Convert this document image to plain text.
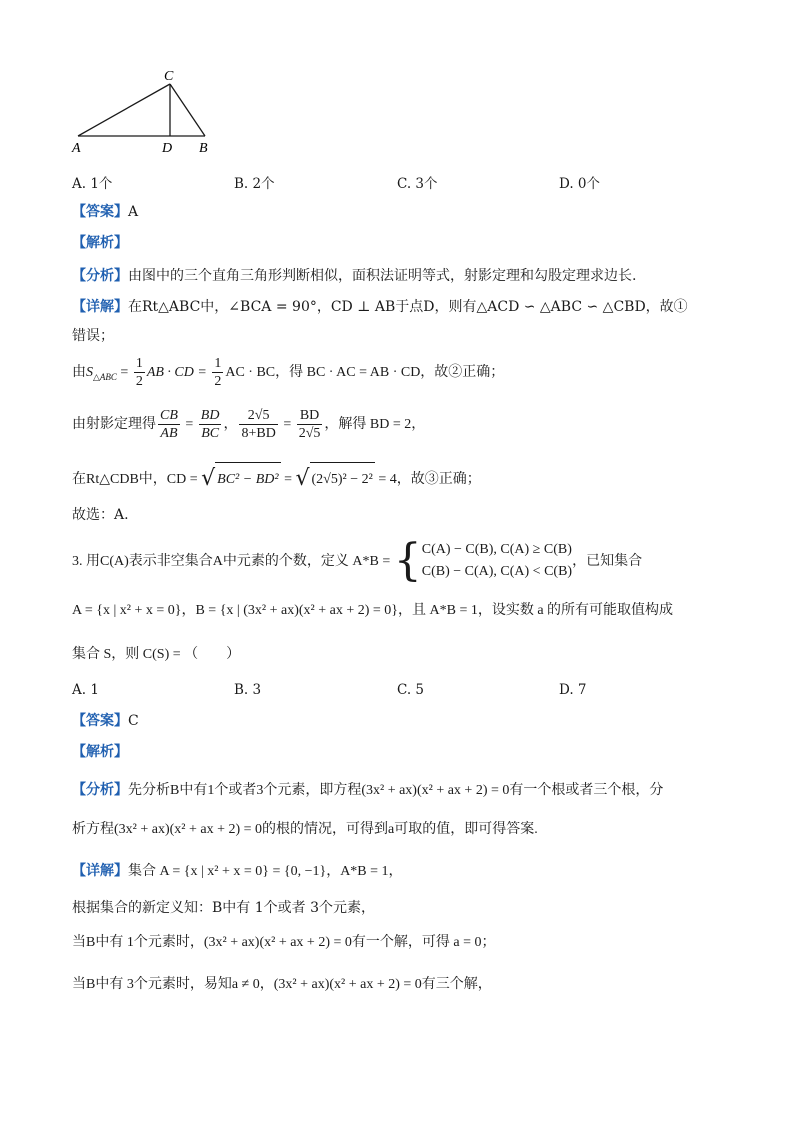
C
A	D B
A. 1个	B. 2个	C. 3个	D. 0个
【答案】A
【解析】
【分析】由图中的三个直角三角形判断相似，面积法证明等式，射影定理和勾股定理求边长.
【详解】在Rt△ABC中，∠BCA = 90°，CD ⊥ AB于点D，则有△ACD ∽ △ABC ∽ △CBD，故①
错误；
由$S_{\triangle ABC} = \frac{1}{2}$ AB · CD = $\frac{1}{2}$ AC · BC，得 BC · AC = AB · CD，故②正确；
由射影定理得 $\frac{CB}{AB} = \frac{BD}{BC}$ ， $\frac{2√5}{8+BD} = \frac{BD}{2√5}$ ，解得 BD = 2，
在Rt△CDB中，CD = √ BC² − BD² = √ (2√5)² − 2² = 4，故③正确；
故选：A.
3. 用C(A)表示非空集合A中元素的个数，定义 A*B = { C(A) − C(B), C(A) ≥ C(B)
C(B) − C(A), C(A) < C(B)
，已知集合
A = {x | x² + x = 0}，B = {x | (3x² + ax)(x² + ax + 2) = 0}，且 A*B = 1，设实数 a 的所有可能取值构成
集合 S，则 C(S) = （　　）
A. 1	B. 3	C. 5	D. 7
【答案】C
【解析】
【分析】先分析B中有1个或者3个元素，即方程(3x² + ax)(x² + ax + 2) = 0有一个根或者三个根，分
析方程(3x² + ax)(x² + ax + 2) = 0的根的情况，可得到a可取的值，即可得答案.
【详解】集合 A = {x | x² + x = 0} = {0, −1}，A*B = 1，
根据集合的新定义知：B中有 1个或者 3个元素，
当B中有 1个元素时，(3x² + ax)(x² + ax + 2) = 0有一个解，可得 a = 0；
当B中有 3个元素时，易知a ≠ 0，(3x² + ax)(x² + ax + 2) = 0有三个解，
